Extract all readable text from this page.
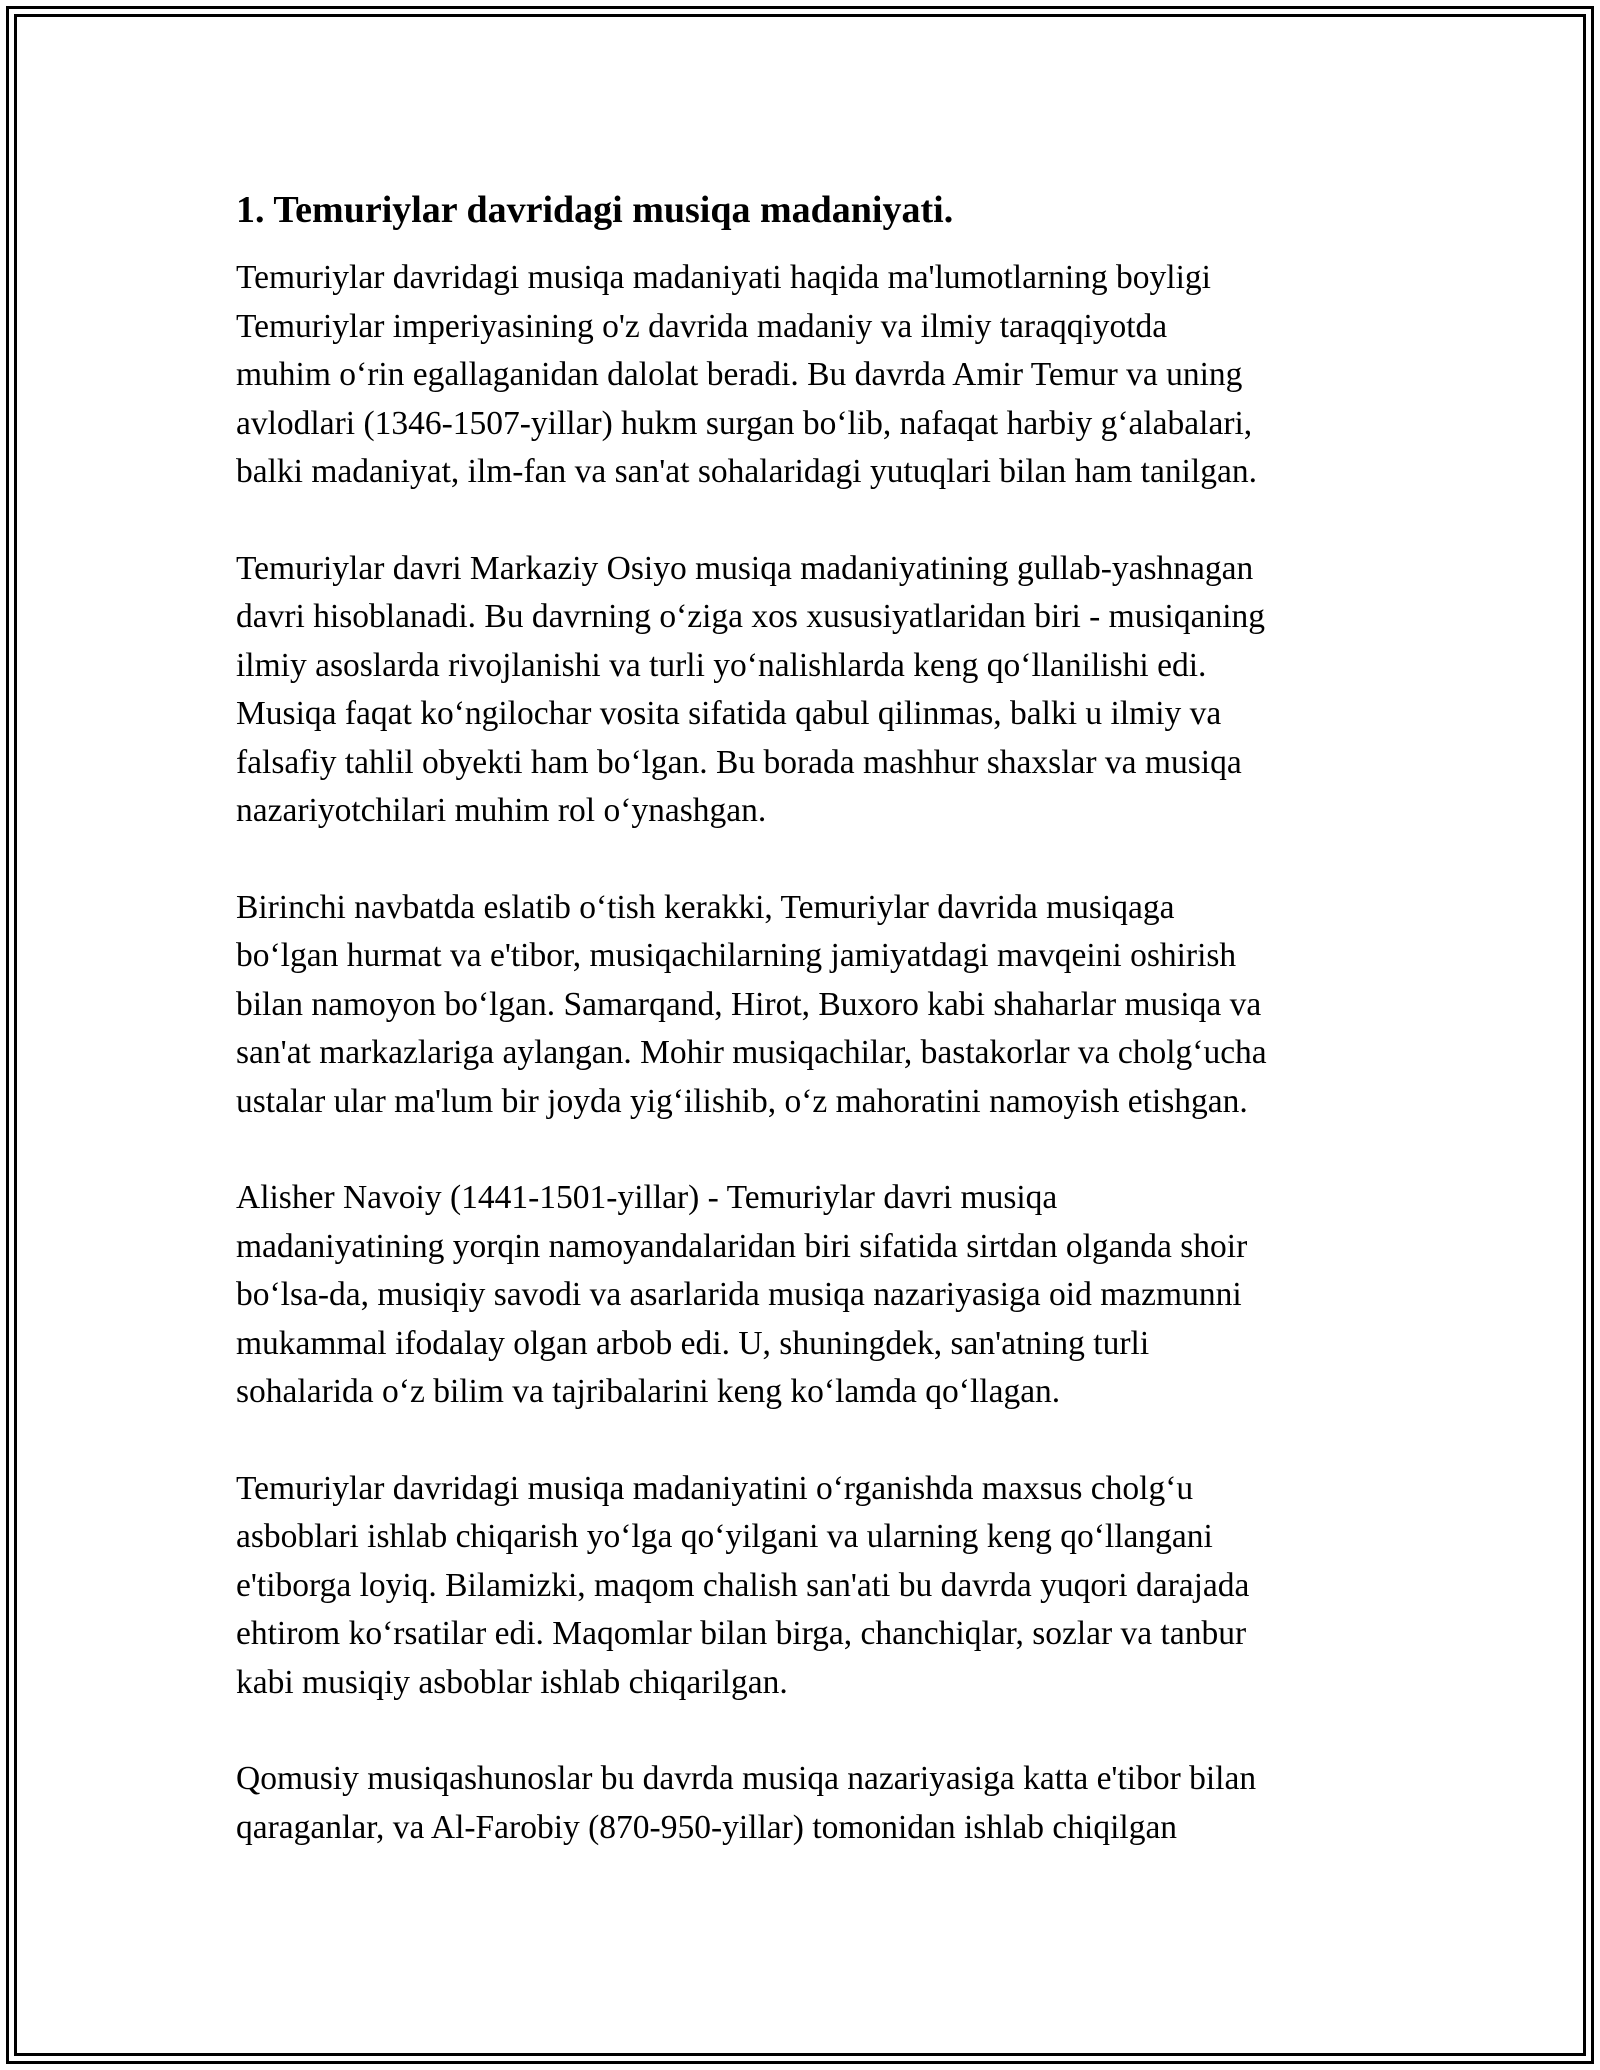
1. Temuriylar davridagi musiqa madaniyati.
Temuriylar davridagi musiqa madaniyati haqida ma'lumotlarning boyligi
Temuriylar imperiyasining o'z davrida madaniy va ilmiy taraqqiyotda
muhim oʻrin egallaganidan dalolat beradi. Bu davrda Amir Temur va uning
avlodlari (1346-1507-yillar) hukm surgan boʻlib, nafaqat harbiy gʻalabalari,
balki madaniyat, ilm-fan va san'at sohalaridagi yutuqlari bilan ham tanilgan.
Temuriylar davri Markaziy Osiyo musiqa madaniyatining gullab-yashnagan
davri hisoblanadi. Bu davrning oʻziga xos xususiyatlaridan biri - musiqaning
ilmiy asoslarda rivojlanishi va turli yoʻnalishlarda keng qoʻllanilishi edi.
Musiqa faqat koʻngilochar vosita sifatida qabul qilinmas, balki u ilmiy va
falsafiy tahlil obyekti ham boʻlgan. Bu borada mashhur shaxslar va musiqa
nazariyotchilari muhim rol oʻynashgan.
Birinchi navbatda eslatib oʻtish kerakki, Temuriylar davrida musiqaga
boʻlgan hurmat va e'tibor, musiqachilarning jamiyatdagi mavqeini oshirish
bilan namoyon boʻlgan. Samarqand, Hirot, Buxoro kabi shaharlar musiqa va
san'at markazlariga aylangan. Mohir musiqachilar, bastakorlar va cholgʻucha
ustalar ular ma'lum bir joyda yigʻilishib, oʻz mahoratini namoyish etishgan.
Alisher Navoiy (1441-1501-yillar) - Temuriylar davri musiqa
madaniyatining yorqin namoyandalaridan biri sifatida sirtdan olganda shoir
boʻlsa-da, musiqiy savodi va asarlarida musiqa nazariyasiga oid mazmunni
mukammal ifodalay olgan arbob edi. U, shuningdek, san'atning turli
sohalarida oʻz bilim va tajribalarini keng koʻlamda qoʻllagan.
Temuriylar davridagi musiqa madaniyatini oʻrganishda maxsus cholgʻu
asboblari ishlab chiqarish yoʻlga qoʻyilgani va ularning keng qoʻllangani
e'tiborga loyiq. Bilamizki, maqom chalish san'ati bu davrda yuqori darajada
ehtirom koʻrsatilar edi. Maqomlar bilan birga, chanchiqlar, sozlar va tanbur
kabi musiqiy asboblar ishlab chiqarilgan.
Qomusiy musiqashunoslar bu davrda musiqa nazariyasiga katta e'tibor bilan
qaraganlar, va Al-Farobiy (870-950-yillar) tomonidan ishlab chiqilgan
